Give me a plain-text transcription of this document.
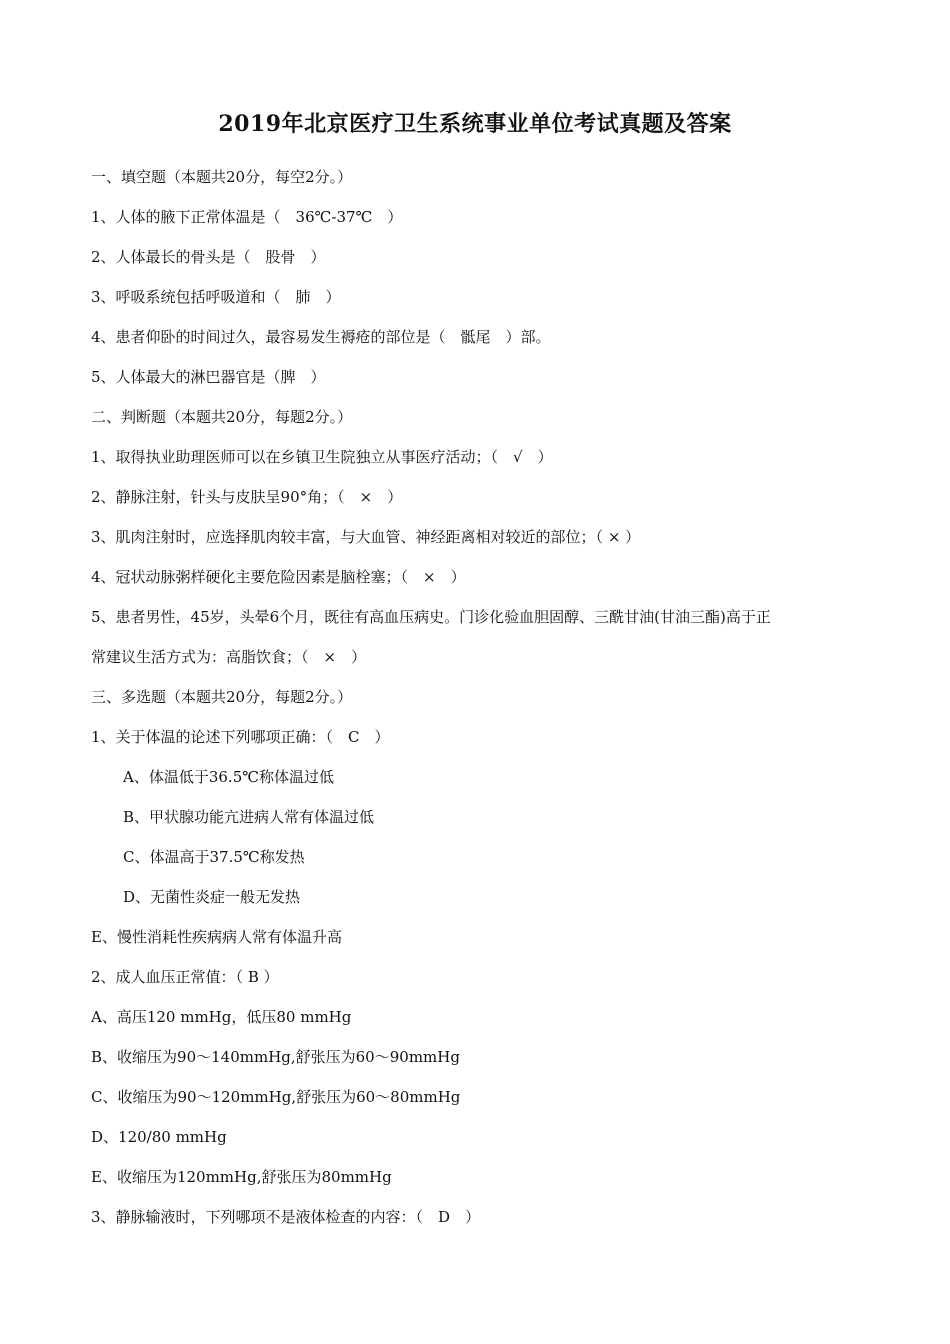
2019年北京医疗卫生系统事业单位考试真题及答案
一、填空题（本题共20分，每空2分。）
1、人体的腋下正常体温是（　36℃-37℃　）
2、人体最长的骨头是（　股骨　）
3、呼吸系统包括呼吸道和（　肺　）
4、患者仰卧的时间过久，最容易发生褥疮的部位是（　骶尾　）部。
5、人体最大的淋巴器官是（脾　）
二、判断题（本题共20分，每题2分。）
1、取得执业助理医师可以在乡镇卫生院独立从事医疗活动；（　√　）
2、静脉注射，针头与皮肤呈90°角；（　×　）
3、肌肉注射时，应选择肌肉较丰富，与大血管、神经距离相对较近的部位；（ × ）
4、冠状动脉粥样硬化主要危险因素是脑栓塞；（　×　）
5、患者男性，45岁，头晕6个月，既往有高血压病史。门诊化验血胆固醇、三酰甘油(甘油三酯)高于正
常建议生活方式为：高脂饮食；（　×　）
三、多选题（本题共20分，每题2分。）
1、关于体温的论述下列哪项正确：（　C　）
A、体温低于36.5℃称体温过低
B、甲状腺功能亢进病人常有体温过低
C、体温高于37.5℃称发热
D、无菌性炎症一般无发热
E、慢性消耗性疾病病人常有体温升高
2、成人血压正常值：（ B ）
A、高压120 mmHg，低压80 mmHg
B、收缩压为90～140mmHg,舒张压为60～90mmHg
C、收缩压为90～120mmHg,舒张压为60～80mmHg
D、120/80 mmHg
E、收缩压为120mmHg,舒张压为80mmHg
3、静脉输液时，下列哪项不是液体检查的内容：（　D　）
